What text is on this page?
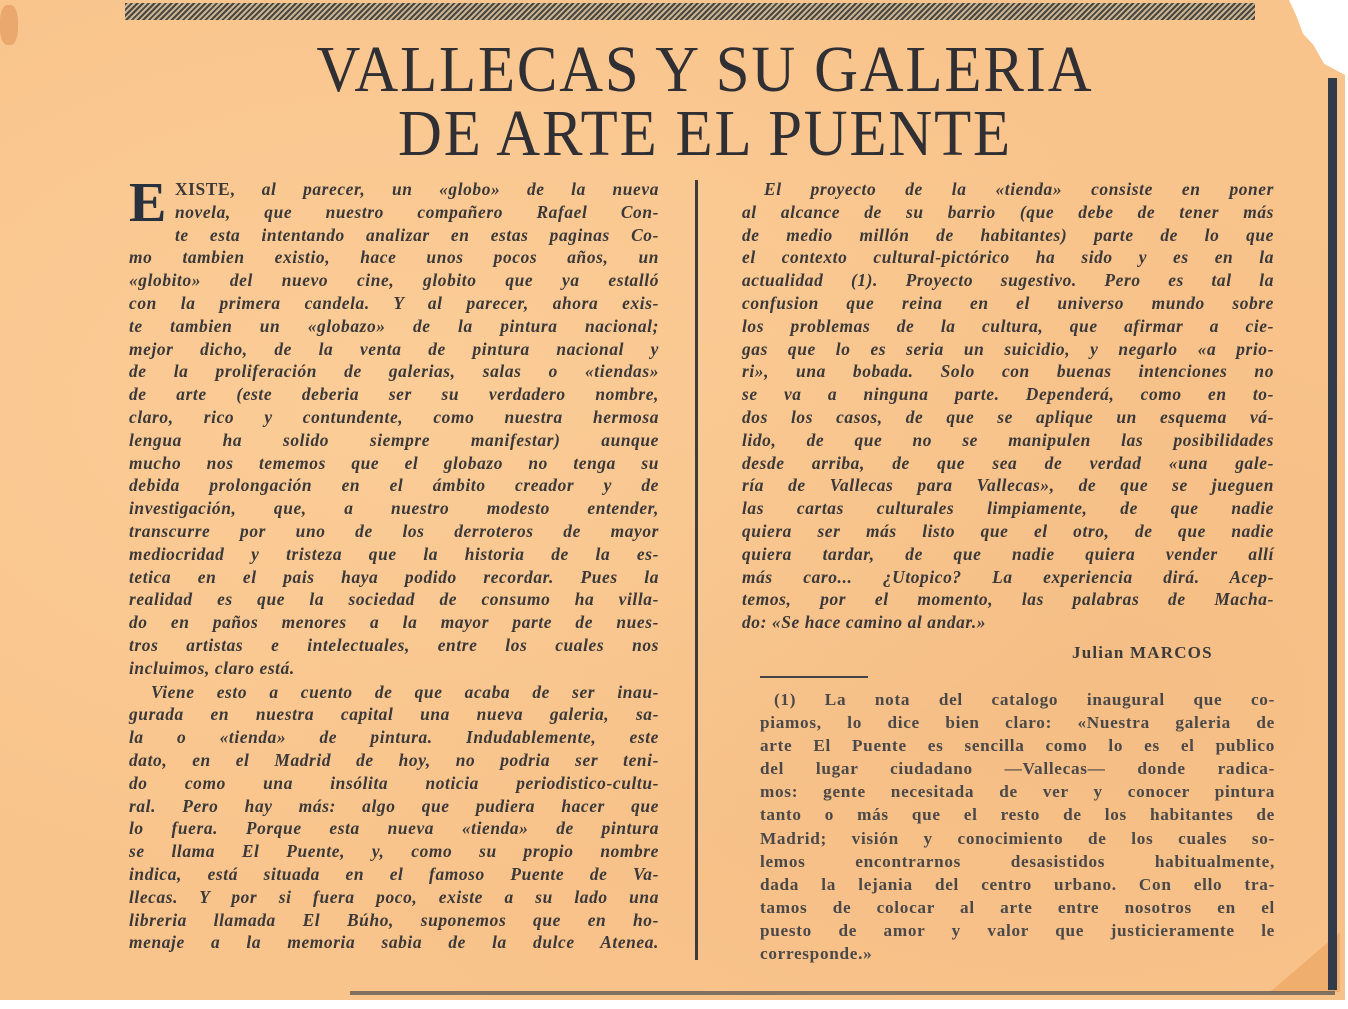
VALLECAS Y SU GALERIA
DE ARTE EL PUENTE
E XISTE, al parecer, un «globo» de la nueva
novela, que nuestro compañero Rafael Con-
te esta intentando analizar en estas paginas Co-
mo tambien existio, hace unos pocos años, un
«globito» del nuevo cine, globito que ya estalló
con la primera candela. Y al parecer, ahora exis-
te tambien un «globazo» de la pintura nacional;
mejor dicho, de la venta de pintura nacional y
de la proliferación de galerias, salas o «tiendas»
de arte (este deberia ser su verdadero nombre,
claro, rico y contundente, como nuestra hermosa
lengua ha solido siempre manifestar) aunque
mucho nos tememos que el globazo no tenga su
debida prolongación en el ámbito creador y de
investigación, que, a nuestro modesto entender,
transcurre por uno de los derroteros de mayor
mediocridad y tristeza que la historia de la es-
tetica en el pais haya podido recordar. Pues la
realidad es que la sociedad de consumo ha villa-
do en paños menores a la mayor parte de nues-
tros artistas e intelectuales, entre los cuales nos
incluimos, claro está.
Viene esto a cuento de que acaba de ser inau-
gurada en nuestra capital una nueva galeria, sa-
la o «tienda» de pintura. Indudablemente, este
dato, en el Madrid de hoy, no podria ser teni-
do como una insólita noticia periodistico-cultu-
ral. Pero hay más: algo que pudiera hacer que
lo fuera. Porque esta nueva «tienda» de pintura
se llama El Puente, y, como su propio nombre
indica, está situada en el famoso Puente de Va-
llecas. Y por si fuera poco, existe a su lado una
libreria llamada El Búho, suponemos que en ho-
menaje a la memoria sabia de la dulce Atenea.
El proyecto de la «tienda» consiste en poner
al alcance de su barrio (que debe de tener más
de medio millón de habitantes) parte de lo que
el contexto cultural-pictórico ha sido y es en la
actualidad (1). Proyecto sugestivo. Pero es tal la
confusion que reina en el universo mundo sobre
los problemas de la cultura, que afirmar a cie-
gas que lo es seria un suicidio, y negarlo «a prio-
ri», una bobada. Solo con buenas intenciones no
se va a ninguna parte. Dependerá, como en to-
dos los casos, de que se aplique un esquema vá-
lido, de que no se manipulen las posibilidades
desde arriba, de que sea de verdad «una gale-
ría de Vallecas para Vallecas», de que se jueguen
las cartas culturales limpiamente, de que nadie
quiera ser más listo que el otro, de que nadie
quiera tardar, de que nadie quiera vender allí
más caro... ¿Utopico? La experiencia dirá. Acep-
temos, por el momento, las palabras de Macha-
do: «Se hace camino al andar.»
Julian MARCOS
(1) La nota del catalogo inaugural que co-
piamos, lo dice bien claro: «Nuestra galeria de
arte El Puente es sencilla como lo es el publico
del lugar ciudadano —Vallecas— donde radica-
mos: gente necesitada de ver y conocer pintura
tanto o más que el resto de los habitantes de
Madrid; visión y conocimiento de los cuales so-
lemos encontrarnos desasistidos habitualmente,
dada la lejania del centro urbano. Con ello tra-
tamos de colocar al arte entre nosotros en el
puesto de amor y valor que justicieramente le
corresponde.»
